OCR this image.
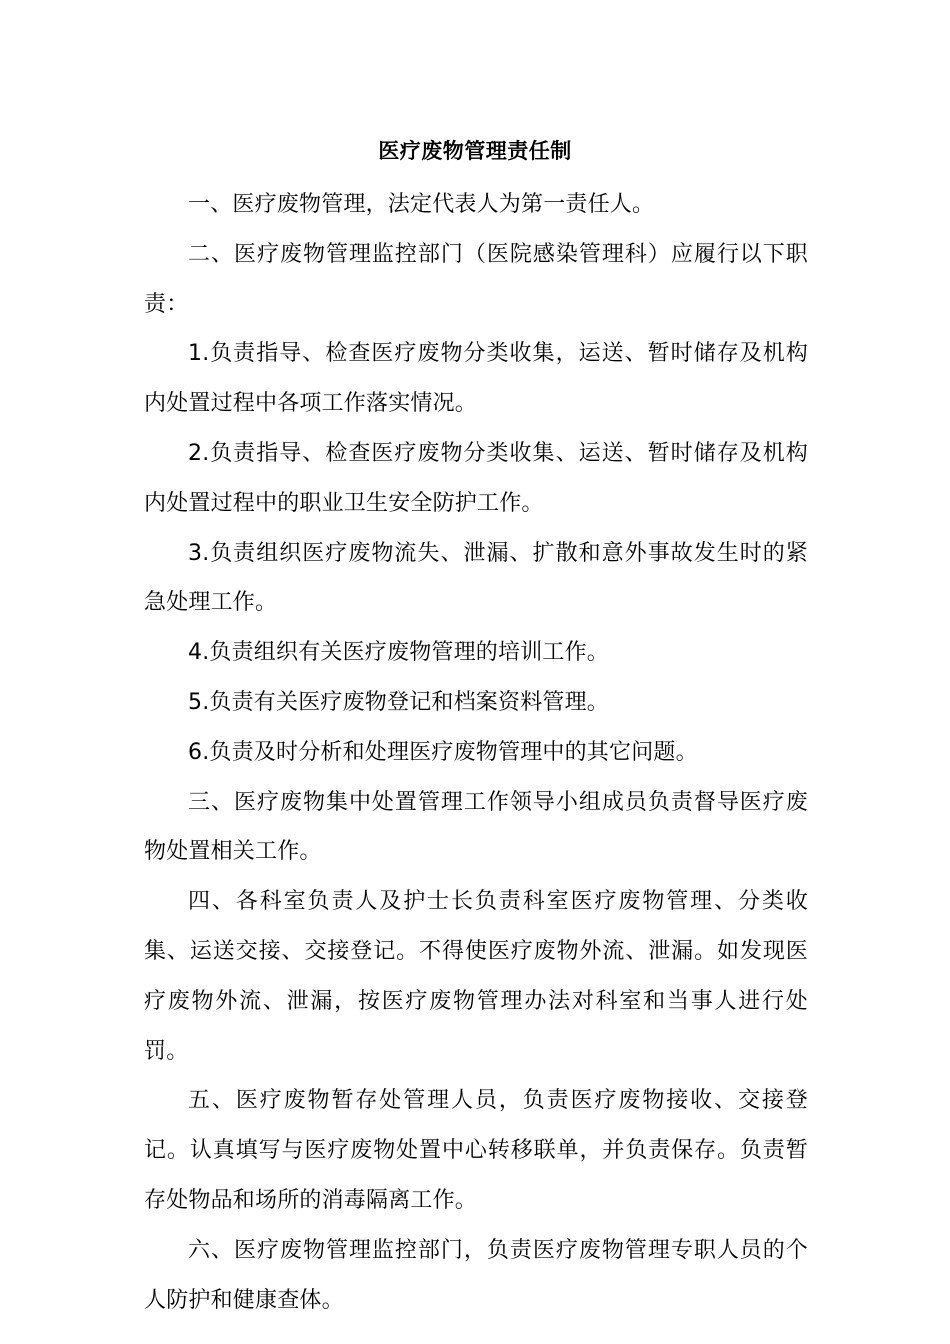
医疗废物管理责任制

一、医疗废物管理，法定代表人为第一责任人。

二、医疗废物管理监控部门（医院感染管理科）应履行以下职责：

1.负责指导、检查医疗废物分类收集，运送、暂时储存及机构内处置过程中各项工作落实情况。

2.负责指导、检查医疗废物分类收集、运送、暂时储存及机构内处置过程中的职业卫生安全防护工作。

3.负责组织医疗废物流失、泄漏、扩散和意外事故发生时的紧急处理工作。

4.负责组织有关医疗废物管理的培训工作。

5.负责有关医疗废物登记和档案资料管理。

6.负责及时分析和处理医疗废物管理中的其它问题。

三、医疗废物集中处置管理工作领导小组成员负责督导医疗废物处置相关工作。

四、各科室负责人及护士长负责科室医疗废物管理、分类收集、运送交接、交接登记。不得使医疗废物外流、泄漏。如发现医疗废物外流、泄漏，按医疗废物管理办法对科室和当事人进行处罚。

五、医疗废物暂存处管理人员，负责医疗废物接收、交接登记。认真填写与医疗废物处置中心转移联单，并负责保存。负责暂存处物品和场所的消毒隔离工作。

六、医疗废物管理监控部门，负责医疗废物管理专职人员的个人防护和健康查体。
